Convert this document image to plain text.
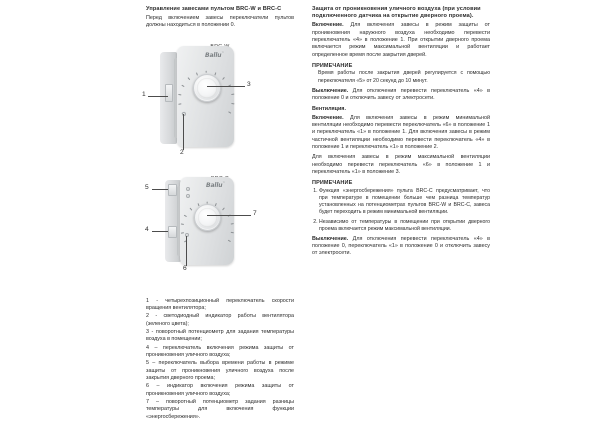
Управление завесами пультом BRC-W и BRC-C

Перед включением завесы переключатели пультов должны находиться в положении 0.

Ballu™
1
2
3
Ballu™
5
4
6
7

1 - четырехпозиционный переключатель скорости вращения вентилятора;

2 - светодиодный индикатор работы вентилятора (зеленого цвета);

3 - поворотный потенциометр для задания температуры воздуха в помещении;

4 – переключатель включения режима защиты от проникновения уличного воздуха;

5 – переключатель выбора времени работы в режиме защиты от проникновения уличного воздуха после закрытия дверного проема;

6 – индикатор включения режима защиты от проникновения уличного воздуха;

7 – поворотный потенциометр задания разницы температуры для включения функции «энергосбережения».

Защита от проникновения уличного воздуха (при условии подключенного датчика на открытие дверного проема).

Включение. Для включения завесы в режим защиты от проникновения наружного воздуха необходимо перевести переключатель «4» в положение 1. При открытии дверного проема включается режим максимальной вентиляции и работает определенное время после закрытия дверей.

ПРИМЕЧАНИЕ

Время работы после закрытия дверей регулируется с помощью переключателя «5» от 20 секунд до 10 минут.

Выключение. Для отключения перевести переключатель «4» в положение 0 и отключить завесу от электросети.

Вентиляция.

Включение. Для включения завесы в режим минимальной вентиляции необходимо перевести переключатель «6» в положение 1 и переключатель «1» в положение 1. Для включения завесы в режим частичной вентиляции необходимо перевести переключатель «4» в положение 1 и переключатель «1» в положение 2.

Для включения завесы в режим максимальной вентиляции необходимо перевести переключатель «6» в положение 1 и переключатель «1» в положение 3.

ПРИМЕЧАНИЕ
1. Функция «энергосбережения» пульта BRC-C предусматривает, что при температуре в помещении больше чем разница температур установленных на потенциометрах пультов BRC-W и BRC-C, завеса будет переходить в режим минимальной вентиляции.
2. Независимо от температуры в помещении при открытии дверного проема включается режим максимальной вентиляции.

Выключение. Для отключения перевести переключатель «4» в положение 0, переключатель «1» в положение 0 и отключить завесу от электросети.
